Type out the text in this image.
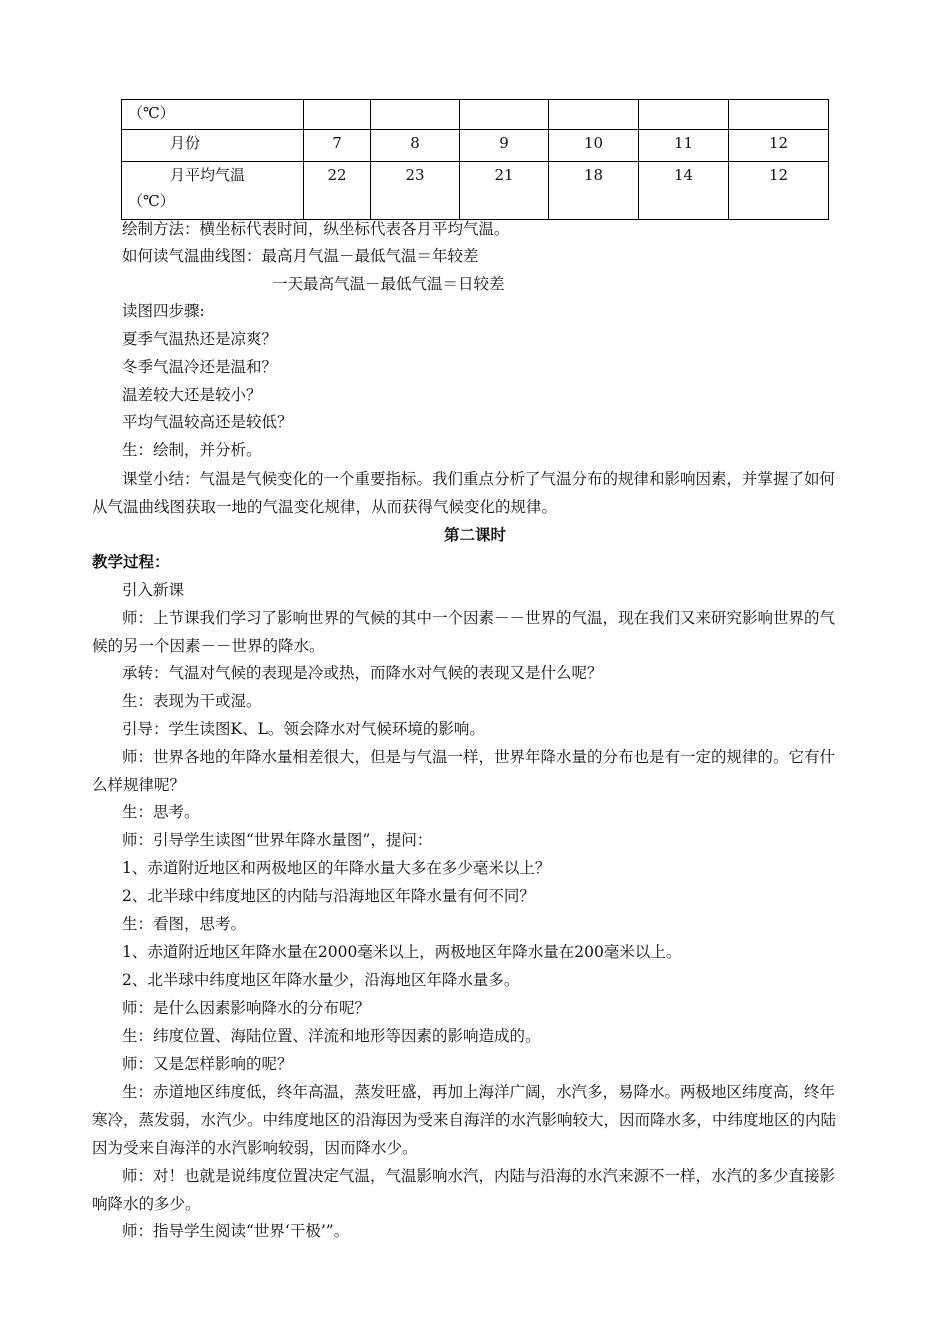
（℃）						

月份	7	8	9	10	11	12

月平均气温
（℃）	22	23	21	18	14	12
绘制方法：横坐标代表时间，纵坐标代表各月平均气温。
如何读气温曲线图：最高月气温－最低气温＝年较差
一天最高气温－最低气温＝日较差
读图四步骤:
夏季气温热还是凉爽？
冬季气温冷还是温和？
温差较大还是较小？
平均气温较高还是较低？
生：绘制，并分析。
课堂小结：气温是气候变化的一个重要指标。我们重点分析了气温分布的规律和影响因素，并掌握了如何从气温曲线图获取一地的气温变化规律，从而获得气候变化的规律。
第二课时
教学过程：
引入新课
师：上节课我们学习了影响世界的气候的其中一个因素－－世界的气温，现在我们又来研究影响世界的气候的另一个因素－－世界的降水。
承转：气温对气候的表现是冷或热，而降水对气候的表现又是什么呢？
生：表现为干或湿。
引导：学生读图K、L。领会降水对气候环境的影响。
师：世界各地的年降水量相差很大，但是与气温一样，世界年降水量的分布也是有一定的规律的。它有什么样规律呢？
生：思考。
师：引导学生读图“世界年降水量图”，提问：
1、赤道附近地区和两极地区的年降水量大多在多少毫米以上？
2、北半球中纬度地区的内陆与沿海地区年降水量有何不同？
生：看图，思考。
1、赤道附近地区年降水量在2000毫米以上，两极地区年降水量在200毫米以上。
2、北半球中纬度地区年降水量少，沿海地区年降水量多。
师：是什么因素影响降水的分布呢？
生：纬度位置、海陆位置、洋流和地形等因素的影响造成的。
师：又是怎样影响的呢？
生：赤道地区纬度低，终年高温，蒸发旺盛，再加上海洋广阔，水汽多，易降水。两极地区纬度高，终年寒冷，蒸发弱，水汽少。中纬度地区的沿海因为受来自海洋的水汽影响较大，因而降水多，中纬度地区的内陆因为受来自海洋的水汽影响较弱，因而降水少。
师：对！也就是说纬度位置决定气温，气温影响水汽，内陆与沿海的水汽来源不一样，水汽的多少直接影响降水的多少。
师：指导学生阅读“世界‘干极’”。
